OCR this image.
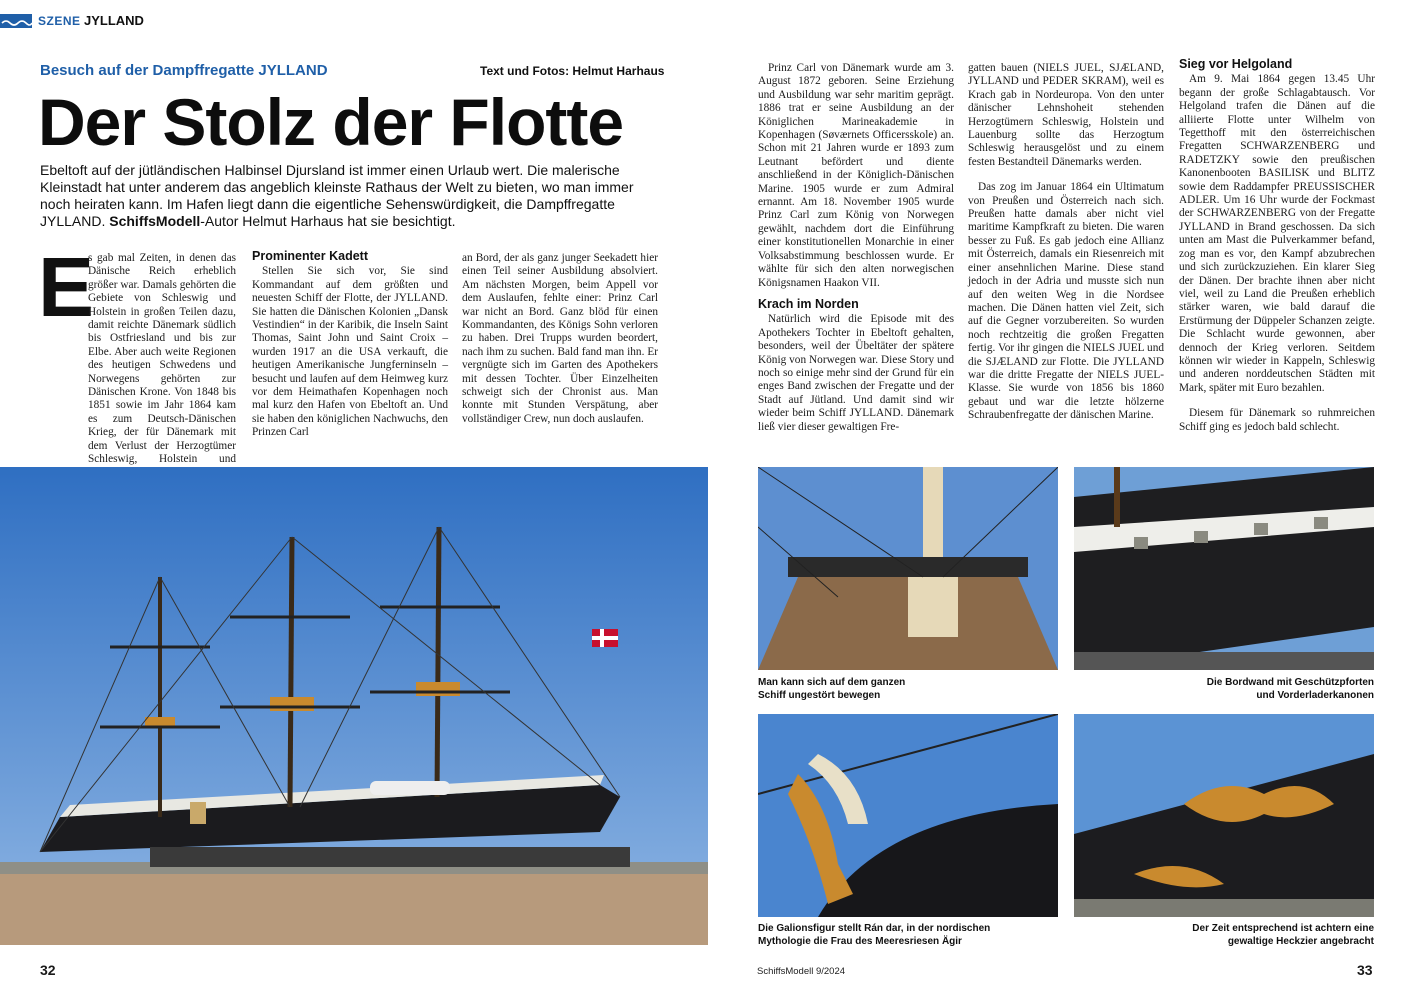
SZENE JYLLAND
Besuch auf der Dampffregatte JYLLAND	Text und Fotos: Helmut Harhaus
Der Stolz der Flotte
Ebeltoft auf der jütländischen Halbinsel Djursland ist immer einen Urlaub wert. Die malerische Kleinstadt hat unter anderem das angeblich kleinste Rathaus der Welt zu bieten, wo man immer noch heiraten kann. Im Hafen liegt dann die eigentliche Sehenswürdigkeit, die Dampffregatte JYLLAND. SchiffsModell-Autor Helmut Harhaus hat sie besichtigt.
E

s gab mal Zeiten, in denen das Dänische Reich erheblich größer war. Damals gehörten die Gebiete von Schleswig und Holstein in großen Teilen dazu, damit reichte Dänemark südlich bis Ostfriesland und bis zur Elbe. Aber auch weite Regionen des heutigen Schwedens und Norwegens gehörten zur Dänischen Krone. Von 1848 bis 1851 sowie im Jahr 1864 kam es zum Deutsch-Dänischen Krieg, der für Dänemark mit dem Verlust der Herzogtümer Schleswig, Holstein und

Prominenter Kadett

Stellen Sie sich vor, Sie sind Kommandant auf dem größten und neuesten Schiff der Flotte, der JYLLAND. Sie hatten die Dänischen Kolonien „Dansk Vestindien“ in der Karibik, die Inseln Saint Thomas, Saint John und Saint Croix – wurden 1917 an die USA verkauft, die heutigen Amerikanische Jungferninseln – besucht und laufen auf dem Heimweg kurz vor dem Heimathafen Kopenhagen noch mal kurz den Hafen von Ebeltoft an. Und sie haben den königlichen Nachwuchs, den Prinzen Carl

an Bord, der als ganz junger Seekadett hier einen Teil seiner Ausbildung absolviert. Am nächsten Morgen, beim Appell vor dem Auslaufen, fehlte einer: Prinz Carl war nicht an Bord. Ganz blöd für einen Kommandanten, des Königs Sohn verloren zu haben. Drei Trupps wurden beordert, nach ihm zu suchen. Bald fand man ihn. Er vergnügte sich im Garten des Apothekers mit dessen Tochter. Über Einzelheiten schweigt sich der Chronist aus. Man konnte mit Stunden Verspätung, aber vollständiger Crew, nun doch auslaufen.

Prinz Carl von Dänemark wurde am 3. August 1872 geboren. Seine Erziehung und Ausbildung war sehr maritim geprägt. 1886 trat er seine Ausbildung an der Königlichen Marineakademie in Kopenhagen (Søværnets Officersskole) an. Schon mit 21 Jahren wurde er 1893 zum Leutnant befördert und diente anschließend in der Königlich-Dänischen Marine. 1905 wurde er zum Admiral ernannt. Am 18. November 1905 wurde Prinz Carl zum König von Norwegen gewählt, nachdem dort die Einführung einer konstitutionellen Monarchie in einer Volksabstimmung beschlossen wurde. Er wählte für sich den alten norwegischen Königsnamen Haakon VII.

Krach im Norden

Natürlich wird die Episode mit des Apothekers Tochter in Ebeltoft gehalten, besonders, weil der Übeltäter der spätere König von Norwegen war. Diese Story und noch so einige mehr sind der Grund für ein enges Band zwischen der Fregatte und der Stadt auf Jütland. Und damit sind wir wieder beim Schiff JYLLAND. Dänemark ließ vier dieser gewaltigen Fre-

gatten bauen (NIELS JUEL, SJÆLAND, JYLLAND und PEDER SKRAM), weil es Krach gab in Nordeuropa. Von den unter dänischer Lehnshoheit stehenden Herzogtümern Schleswig, Holstein und Lauenburg sollte das Herzogtum Schleswig herausgelöst und zu einem festen Bestandteil Dänemarks werden.

Das zog im Januar 1864 ein Ultimatum von Preußen und Österreich nach sich. Preußen hatte damals aber nicht viel maritime Kampfkraft zu bieten. Die waren besser zu Fuß. Es gab jedoch eine Allianz mit Österreich, damals ein Riesenreich mit einer ansehnlichen Marine. Diese stand jedoch in der Adria und musste sich nun auf den weiten Weg in die Nordsee machen. Die Dänen hatten viel Zeit, sich auf die Gegner vorzubereiten. So wurden noch rechtzeitig die großen Fregatten fertig. Vor ihr gingen die NIELS JUEL und die SJÆLAND zur Flotte. Die JYLLAND war die dritte Fregatte der NIELS JUEL-Klasse. Sie wurde von 1856 bis 1860 gebaut und war die letzte hölzerne Schraubenfregatte der dänischen Marine.

Sieg vor Helgoland

Am 9. Mai 1864 gegen 13.45 Uhr begann der große Schlagabtausch. Vor Helgoland trafen die Dänen auf die alliierte Flotte unter Wilhelm von Tegetthoff mit den österreichischen Fregatten SCHWARZENBERG und RADETZKY sowie den preußischen Kanonenbooten BASILISK und BLITZ sowie dem Raddampfer PREUSSISCHER ADLER. Um 16 Uhr wurde der Fockmast der SCHWARZENBERG von der Fregatte JYLLAND in Brand geschossen. Da sich unten am Mast die Pulverkammer befand, zog man es vor, den Kampf abzubrechen und sich zurückzuziehen. Ein klarer Sieg der Dänen. Der brachte ihnen aber nicht viel, weil zu Land die Preußen erheblich stärker waren, wie bald darauf die Erstürmung der Düppeler Schanzen zeigte. Die Schlacht wurde gewonnen, aber dennoch der Krieg verloren. Seitdem können wir wieder in Kappeln, Schleswig und anderen norddeutschen Städten mit Mark, später mit Euro bezahlen.

Diesem für Dänemark so ruhmreichen Schiff ging es jedoch bald schlecht.

Man kann sich auf dem ganzen
Schiff ungestört bewegen
Die Bordwand mit Geschützpforten
und Vorderladerkanonen
Die Galionsfigur stellt Rán dar, in der nordischen
Mythologie die Frau des Meeresriesen Ägir
Der Zeit entsprechend ist achtern eine
gewaltige Heckzier angebracht
32	SchiffsModell 9/2024	33
